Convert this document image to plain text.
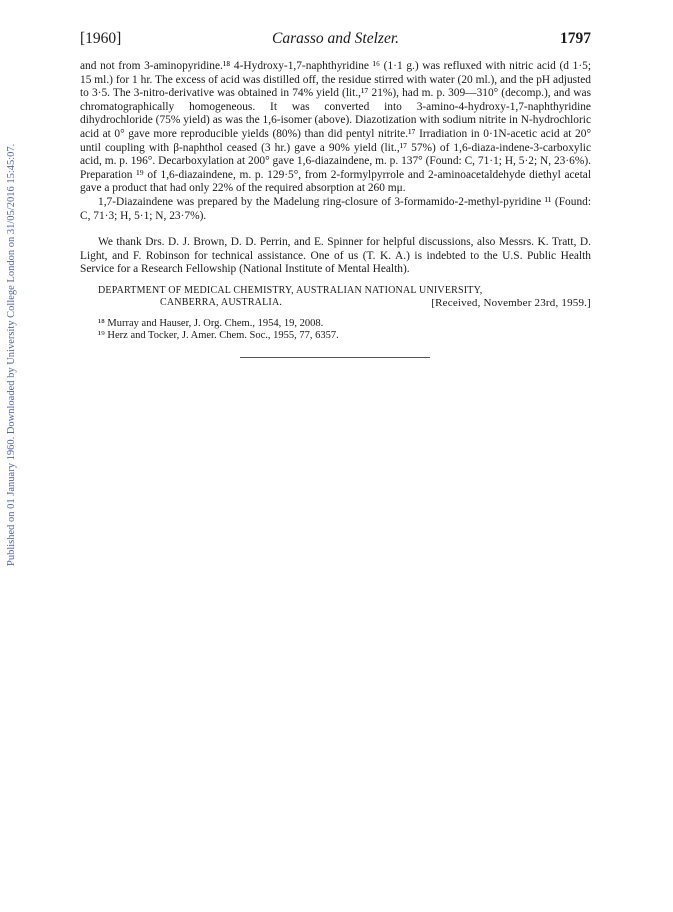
Published on 01 January 1960. Downloaded by University College London on 31/05/2016 15:45:07.
[1960]	Carasso and Stelzer.	1797

and not from 3-aminopyridine.¹⁸ 4-Hydroxy-1,7-naphthyridine ¹⁶ (1·1 g.) was refluxed with nitric acid (d 1·5; 15 ml.) for 1 hr. The excess of acid was distilled off, the residue stirred with water (20 ml.), and the pH adjusted to 3·5. The 3-nitro-derivative was obtained in 74% yield (lit.,¹⁷ 21%), had m. p. 309—310° (decomp.), and was chromatographically homogeneous. It was converted into 3-amino-4-hydroxy-1,7-naphthyridine dihydrochloride (75% yield) as was the 1,6-isomer (above). Diazotization with sodium nitrite in N-hydrochloric acid at 0° gave more reproducible yields (80%) than did pentyl nitrite.¹⁷ Irradiation in 0·1N-acetic acid at 20° until coupling with β-naphthol ceased (3 hr.) gave a 90% yield (lit.,¹⁷ 57%) of 1,6-diaza-indene-3-carboxylic acid, m. p. 196°. Decarboxylation at 200° gave 1,6-diazaindene, m. p. 137° (Found: C, 71·1; H, 5·2; N, 23·6%). Preparation ¹⁹ of 1,6-diazaindene, m. p. 129·5°, from 2-formylpyrrole and 2-aminoacetaldehyde diethyl acetal gave a product that had only 22% of the required absorption at 260 mμ.

1,7-Diazaindene was prepared by the Madelung ring-closure of 3-formamido-2-methyl-pyridine ¹¹ (Found: C, 71·3; H, 5·1; N, 23·7%).

We thank Drs. D. J. Brown, D. D. Perrin, and E. Spinner for helpful discussions, also Messrs. K. Tratt, D. Light, and F. Robinson for technical assistance. One of us (T. K. A.) is indebted to the U.S. Public Health Service for a Research Fellowship (National Institute of Mental Health).

DEPARTMENT OF MEDICAL CHEMISTRY, AUSTRALIAN NATIONAL UNIVERSITY,
CANBERRA, AUSTRALIA.	[Received, November 23rd, 1959.]
¹⁸ Murray and Hauser, J. Org. Chem., 1954, 19, 2008.
¹⁹ Herz and Tocker, J. Amer. Chem. Soc., 1955, 77, 6357.
